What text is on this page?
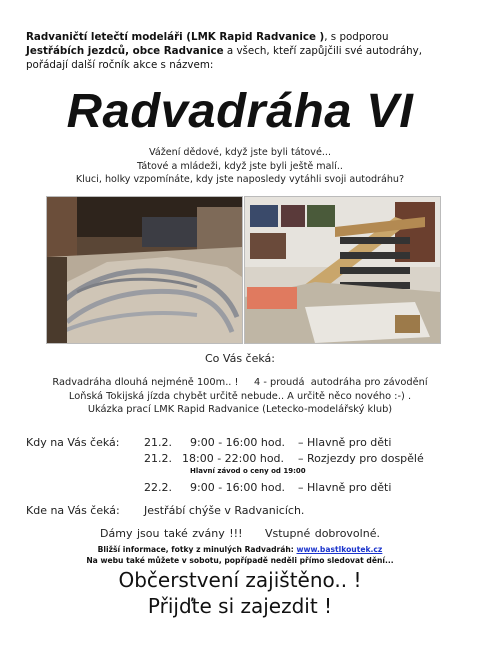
Radvaničtí letečtí modeláři (LMK Rapid Radvanice ), s podporou
Jestřábích jezdců, obce Radvanice a všech, kteří zapůjčili své autodráhy,
pořádají další ročník akce s názvem:
Radvadráha VI
Vážení dědové, když jste byli tátové...
Tátové a mládeži, když jste byli ještě malí..
Kluci, holky vzpomínáte, kdy jste naposledy vytáhli svoji autodráhu?
Co Vás čeká:
Radvadráha dlouhá nejméně 100m.. !     4 - proudá  autodráha pro závodění
Loňská Tokijská jízda chybět určitě nebude.. A určitě něco nového :-) .
Ukázka prací LMK Rapid Radvanice (Letecko-modelářský klub)
Kdy na Vás čeká: 21.2. 9:00 - 16:00 hod. – Hlavně pro děti
21.2. 18:00 - 22:00 hod. – Rozjezdy pro dospělé
Hlavní závod o ceny od 19:00
22.2. 9:00 - 16:00 hod. – Hlavně pro děti
Kde na Vás čeká: Jestřábí chýše v Radvanicích.
Dámy jsou také zvány !!!     Vstupné dobrovolné.
Bližší informace, fotky z minulých Radvadráh: www.bastlkoutek.cz
Na webu také můžete v sobotu, popřípadě neděli přímo sledovat dění...
Občerstvení zajištěno.. !
Přijďte si zajezdit !
